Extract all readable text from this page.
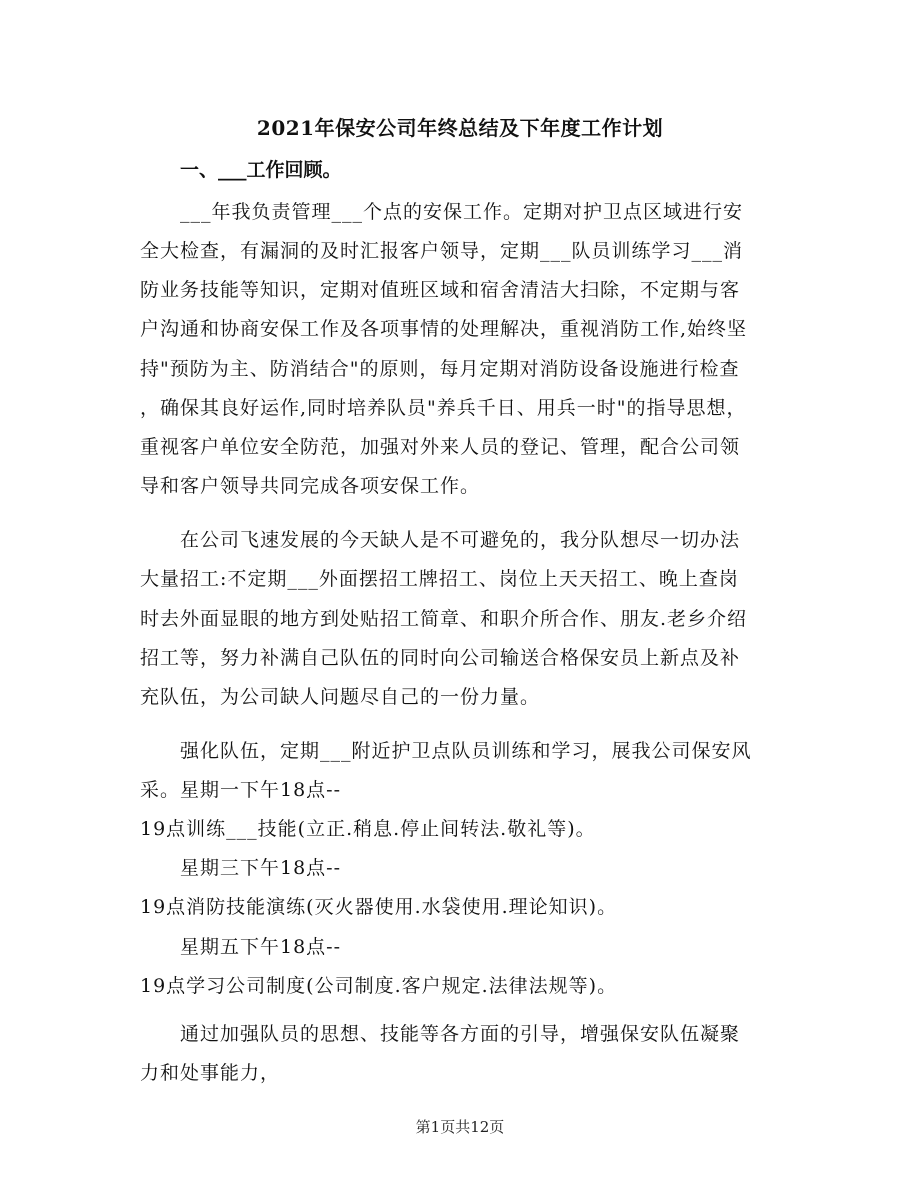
2021年保安公司年终总结及下年度工作计划
一、___工作回顾。
___年我负责管理___个点的安保工作。定期对护卫点区域进行安
全大检查，有漏洞的及时汇报客户领导，定期___队员训练学习___消
防业务技能等知识，定期对值班区域和宿舍清洁大扫除，不定期与客
户沟通和协商安保工作及各项事情的处理解决，重视消防工作,始终坚
持"预防为主、防消结合"的原则，每月定期对消防设备设施进行检查
，确保其良好运作,同时培养队员"养兵千日、用兵一时"的指导思想，
重视客户单位安全防范，加强对外来人员的登记、管理，配合公司领
导和客户领导共同完成各项安保工作。
在公司飞速发展的今天缺人是不可避免的，我分队想尽一切办法
大量招工:不定期___外面摆招工牌招工、岗位上天天招工、晚上查岗
时去外面显眼的地方到处贴招工简章、和职介所合作、朋友.老乡介绍
招工等，努力补满自己队伍的同时向公司输送合格保安员上新点及补
充队伍，为公司缺人问题尽自己的一份力量。
强化队伍，定期___附近护卫点队员训练和学习，展我公司保安风
采。星期一下午18点--
19点训练___技能(立正.稍息.停止间转法.敬礼等)。
星期三下午18点--
19点消防技能演练(灭火器使用.水袋使用.理论知识)。
星期五下午18点--
19点学习公司制度(公司制度.客户规定.法律法规等)。
通过加强队员的思想、技能等各方面的引导，增强保安队伍凝聚
力和处事能力，
第1页共12页
